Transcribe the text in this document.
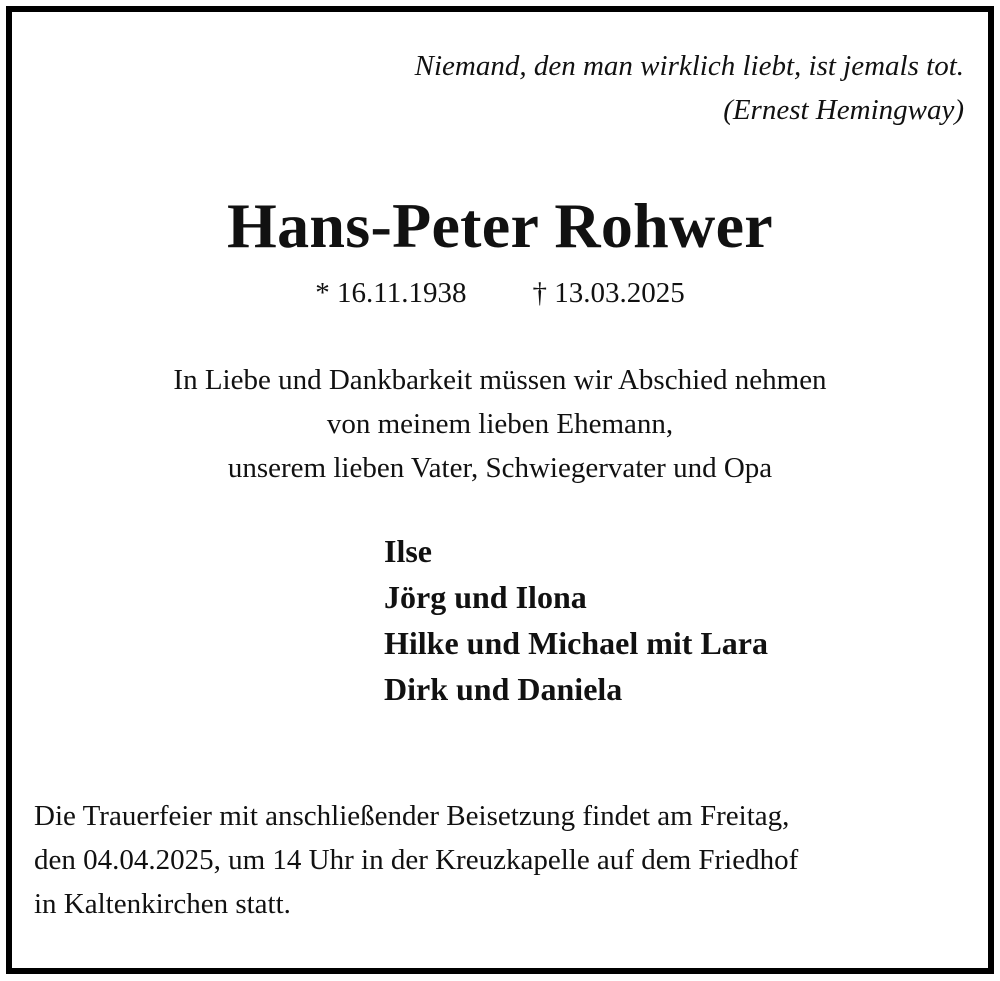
Niemand, den man wirklich liebt, ist jemals tot.
(Ernest Hemingway)
Hans-Peter Rohwer
* 16.11.1938 † 13.03.2025
In Liebe und Dankbarkeit müssen wir Abschied nehmen
von meinem lieben Ehemann,
unserem lieben Vater, Schwiegervater und Opa
Ilse
Jörg und Ilona
Hilke und Michael mit Lara
Dirk und Daniela
Die Trauerfeier mit anschließender Beisetzung findet am Freitag,
den 04.04.2025, um 14 Uhr in der Kreuzkapelle auf dem Friedhof
in Kaltenkirchen statt.
